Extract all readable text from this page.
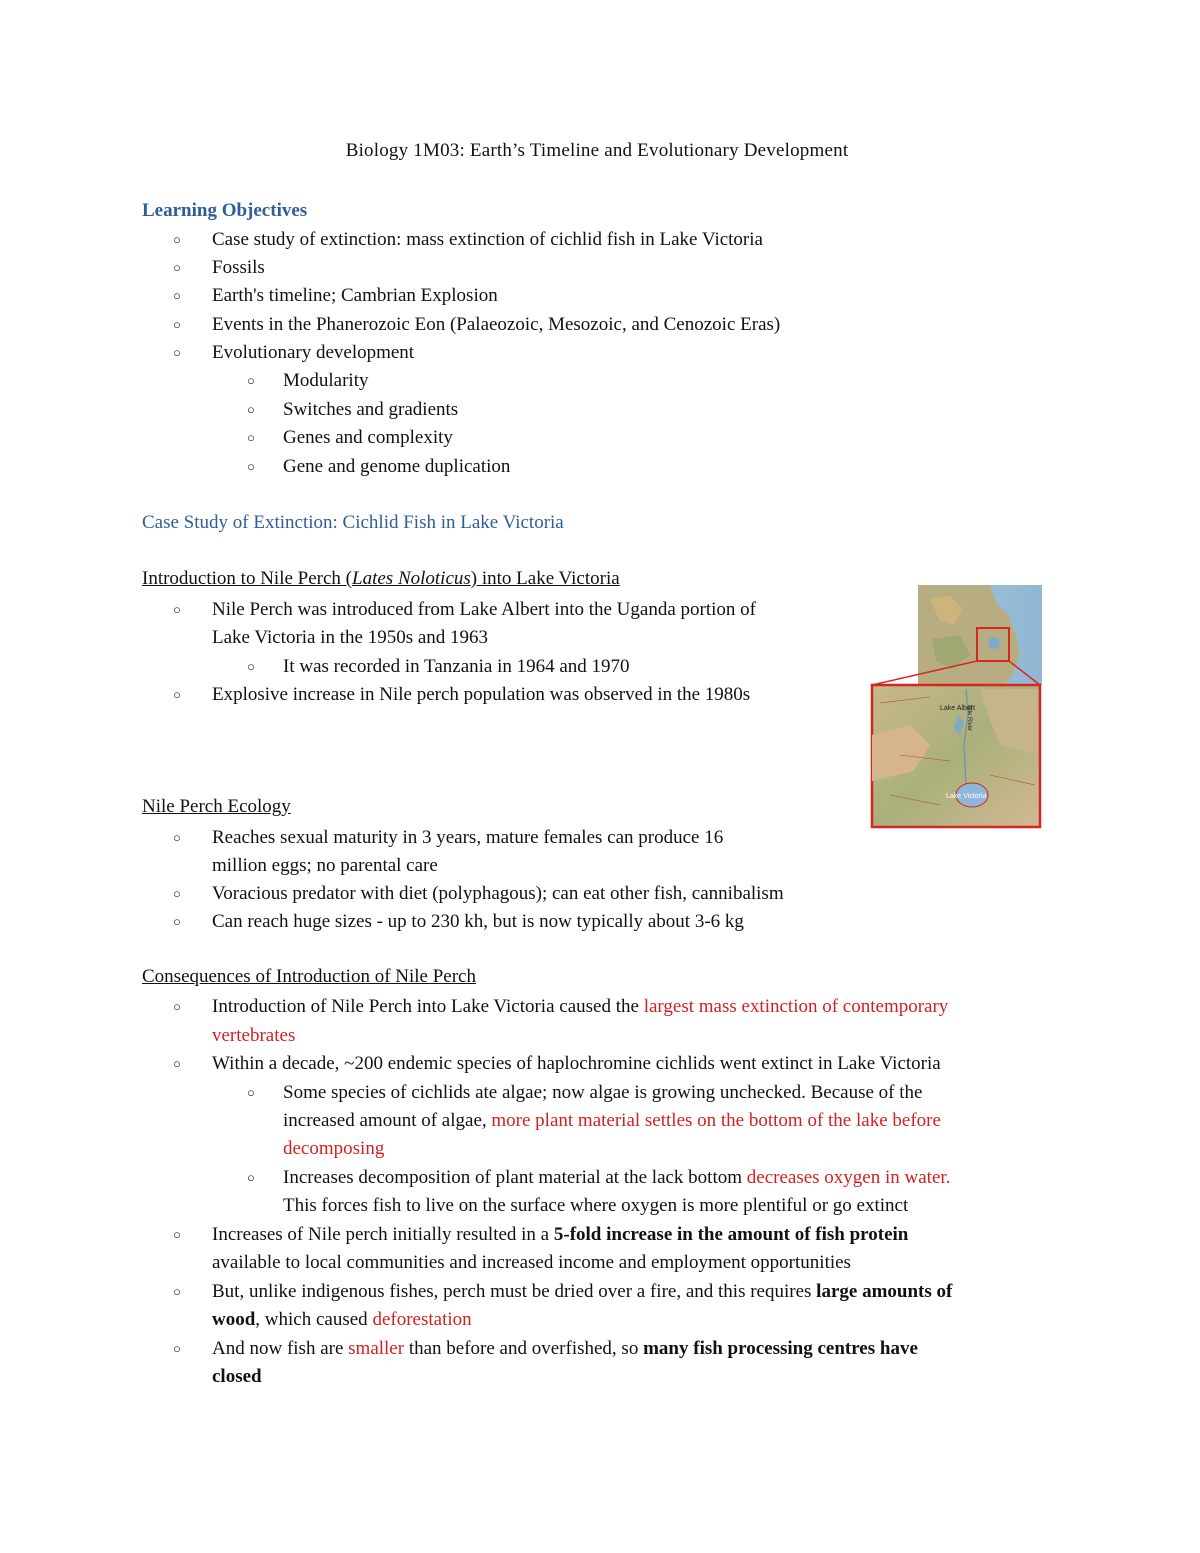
Biology 1M03: Earth’s Timeline and Evolutionary Development
Learning Objectives
○ Case study of extinction: mass extinction of cichlid fish in Lake Victoria
○ Fossils
○ Earth's timeline; Cambrian Explosion
○ Events in the Phanerozoic Eon (Palaeozoic, Mesozoic, and Cenozoic Eras)
○ Evolutionary development
○ Modularity
○ Switches and gradients
○ Genes and complexity
○ Gene and genome duplication
Case Study of Extinction: Cichlid Fish in Lake Victoria
Introduction to Nile Perch (Lates Noloticus) into Lake Victoria
○ Nile Perch was introduced from Lake Albert into the Uganda portion of
Lake Victoria in the 1950s and 1963
○ It was recorded in Tanzania in 1964 and 1970
○ Explosive increase in Nile perch population was observed in the 1980s
Lake Albert
Nile River
Lake Victoria
Nile Perch Ecology
○ Reaches sexual maturity in 3 years, mature females can produce 16
million eggs; no parental care
○ Voracious predator with diet (polyphagous); can eat other fish, cannibalism
○ Can reach huge sizes - up to 230 kh, but is now typically about 3-6 kg
Consequences of Introduction of Nile Perch
○ Introduction of Nile Perch into Lake Victoria caused the largest mass extinction of contemporary
vertebrates
○ Within a decade, ~200 endemic species of haplochromine cichlids went extinct in Lake Victoria
○ Some species of cichlids ate algae; now algae is growing unchecked. Because of the
increased amount of algae, more plant material settles on the bottom of the lake before
decomposing
○ Increases decomposition of plant material at the lack bottom decreases oxygen in water.
This forces fish to live on the surface where oxygen is more plentiful or go extinct
○ Increases of Nile perch initially resulted in a 5-fold increase in the amount of fish protein
available to local communities and increased income and employment opportunities
○ But, unlike indigenous fishes, perch must be dried over a fire, and this requires large amounts of
wood, which caused deforestation
○ And now fish are smaller than before and overfished, so many fish processing centres have
closed
